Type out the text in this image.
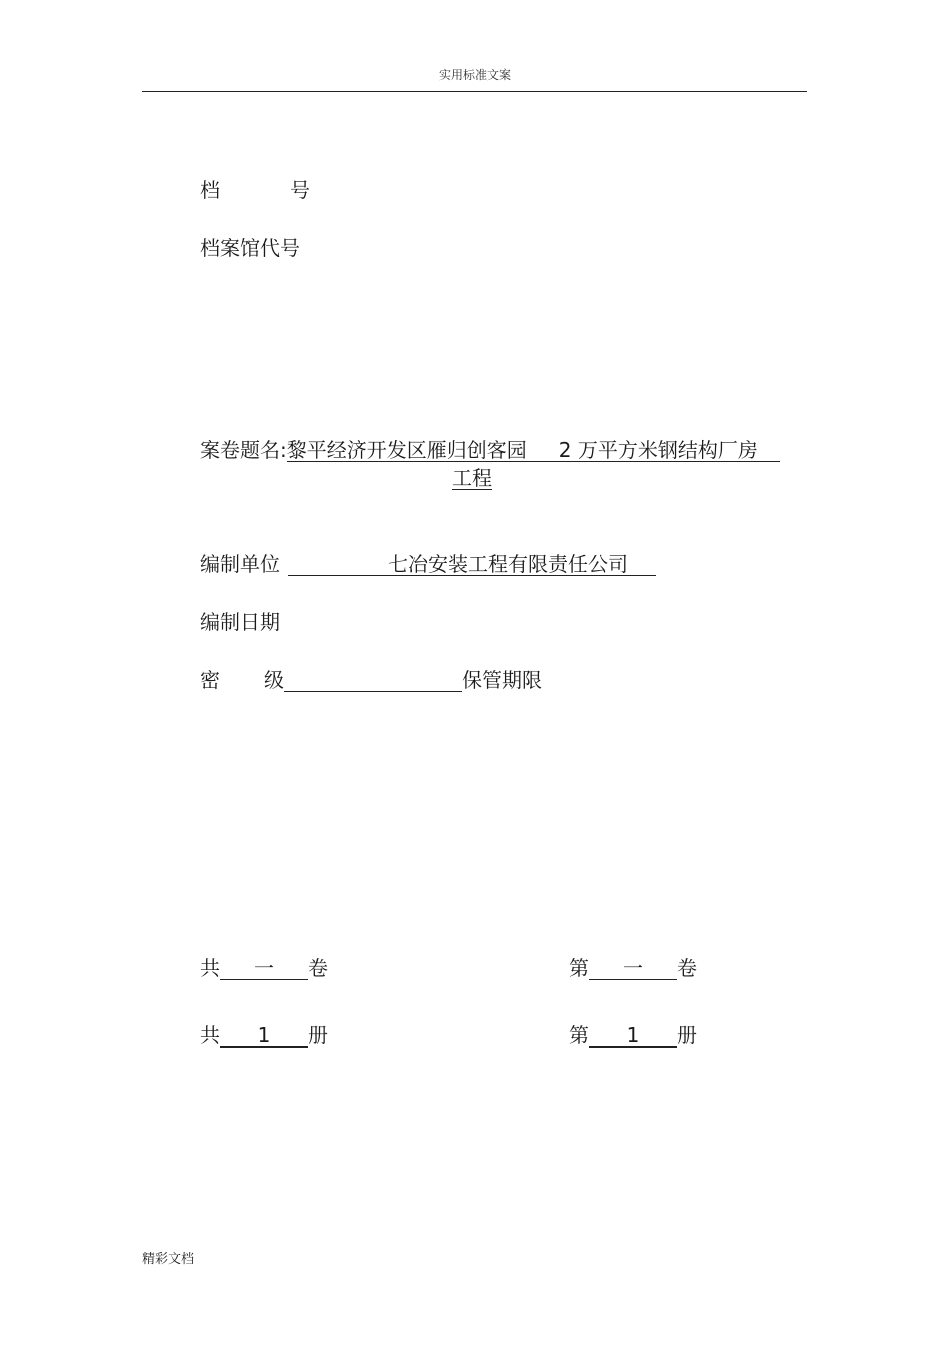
实用标准文案
档	号
档案馆代号
案卷题名:黎平经济开发区雁归创客园 2 万平方米钢结构厂房
工程
编制单位	七冶安装工程有限责任公司
编制日期
密 级	保管期限
共 一 卷	第 一 卷
共 1 册	第 1 册
精彩文档
